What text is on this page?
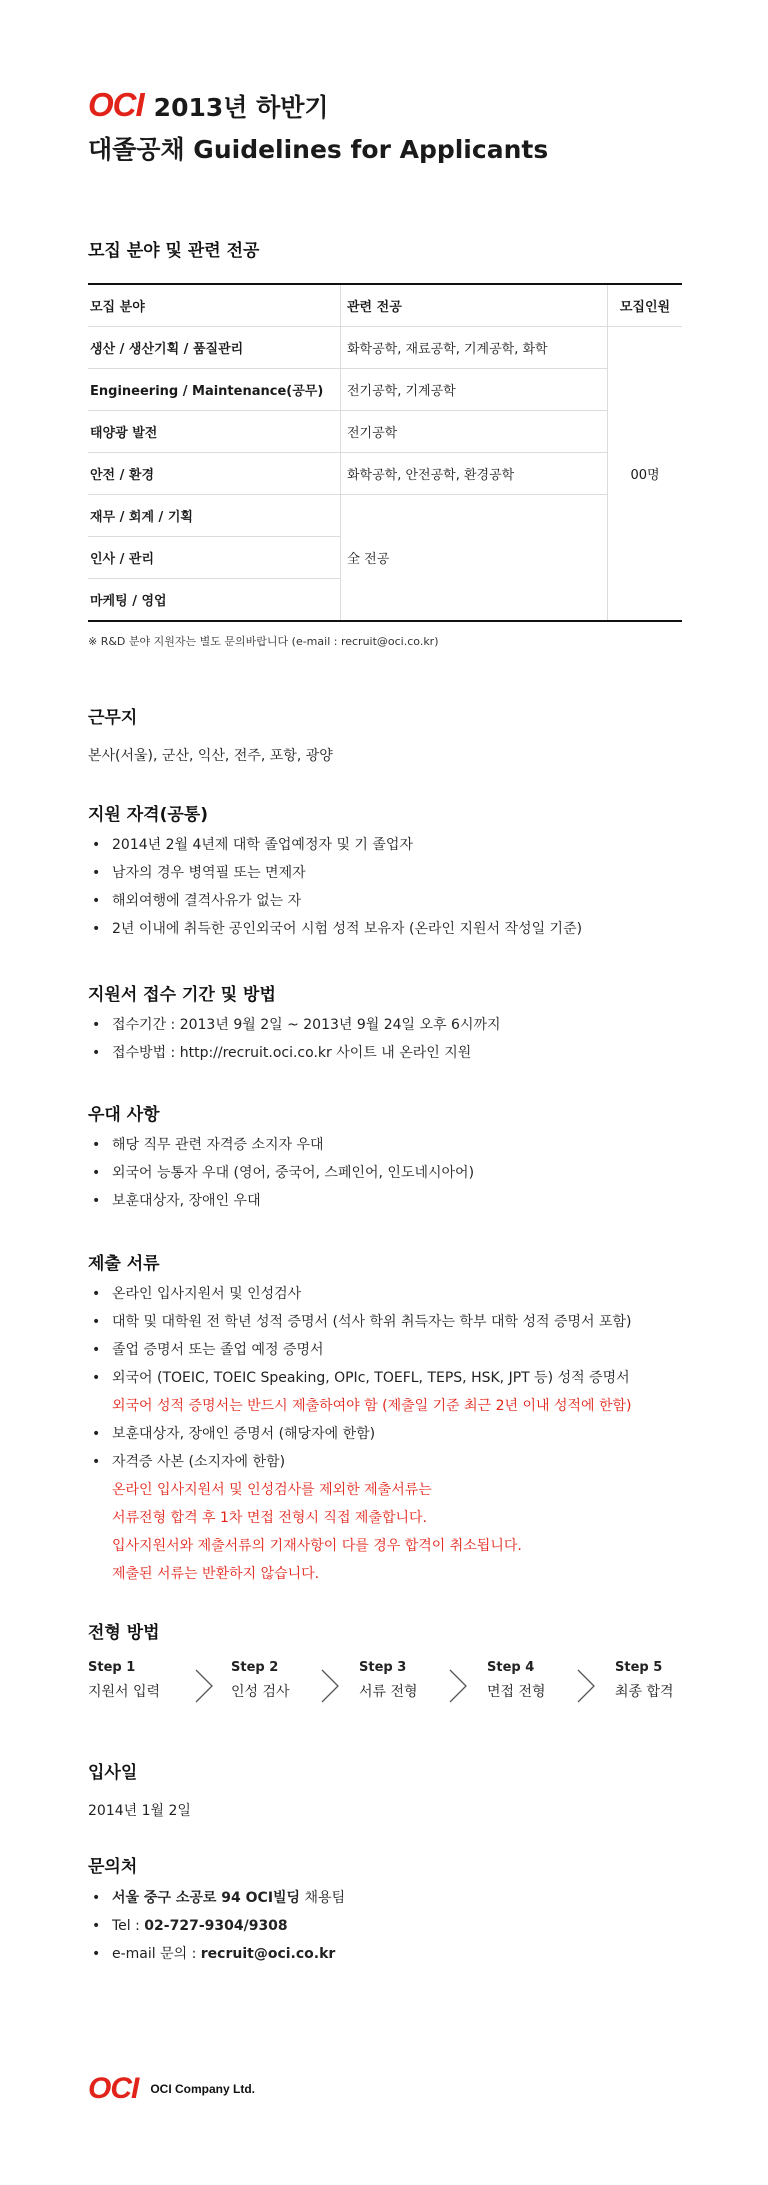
OCI 2013년 하반기
대졸공채 Guidelines for Applicants
모집 분야 및 관련 전공
모집 분야	관련 전공	모집인원
생산 / 생산기획 / 품질관리	화학공학, 재료공학, 기계공학, 화학	00명
Engineering / Maintenance(공무)	전기공학, 기계공학	
태양광 발전	전기공학	
안전 / 환경	화학공학, 안전공학, 환경공학	
재무 / 회계 / 기획	全 전공	
인사 / 관리		
마케팅 / 영업		
※ R&D 분야 지원자는 별도 문의바랍니다 (e-mail : recruit@oci.co.kr)
근무지
본사(서울), 군산, 익산, 전주, 포항, 광양
지원 자격(공통)
• 2014년 2월 4년제 대학 졸업예정자 및 기 졸업자
• 남자의 경우 병역필 또는 면제자
• 해외여행에 결격사유가 없는 자
• 2년 이내에 취득한 공인외국어 시험 성적 보유자 (온라인 지원서 작성일 기준)
지원서 접수 기간 및 방법
• 접수기간 : 2013년 9월 2일 ~ 2013년 9월 24일 오후 6시까지
• 접수방법 : http://recruit.oci.co.kr 사이트 내 온라인 지원
우대 사항
• 해당 직무 관련 자격증 소지자 우대
• 외국어 능통자 우대 (영어, 중국어, 스페인어, 인도네시아어)
• 보훈대상자, 장애인 우대
제출 서류
• 온라인 입사지원서 및 인성검사
• 대학 및 대학원 전 학년 성적 증명서 (석사 학위 취득자는 학부 대학 성적 증명서 포함)
• 졸업 증명서 또는 졸업 예정 증명서
• 외국어 (TOEIC, TOEIC Speaking, OPIc, TOEFL, TEPS, HSK, JPT 등) 성적 증명서
외국어 성적 증명서는 반드시 제출하여야 함 (제출일 기준 최근 2년 이내 성적에 한함)
• 보훈대상자, 장애인 증명서 (해당자에 한함)
• 자격증 사본 (소지자에 한함)
온라인 입사지원서 및 인성검사를 제외한 제출서류는
서류전형 합격 후 1차 면접 전형시 직접 제출합니다.
입사지원서와 제출서류의 기재사항이 다를 경우 합격이 취소됩니다.
제출된 서류는 반환하지 않습니다.
전형 방법
Step 1
지원서 입력
Step 2
인성 검사
Step 3
서류 전형
Step 4
면접 전형
Step 5
최종 합격
입사일
2014년 1월 2일
문의처
• 서울 중구 소공로 94 OCI빌딩 채용팀
• Tel : 02-727-9304/9308
• e-mail 문의 : recruit@oci.co.kr
OCI OCI Company Ltd.
